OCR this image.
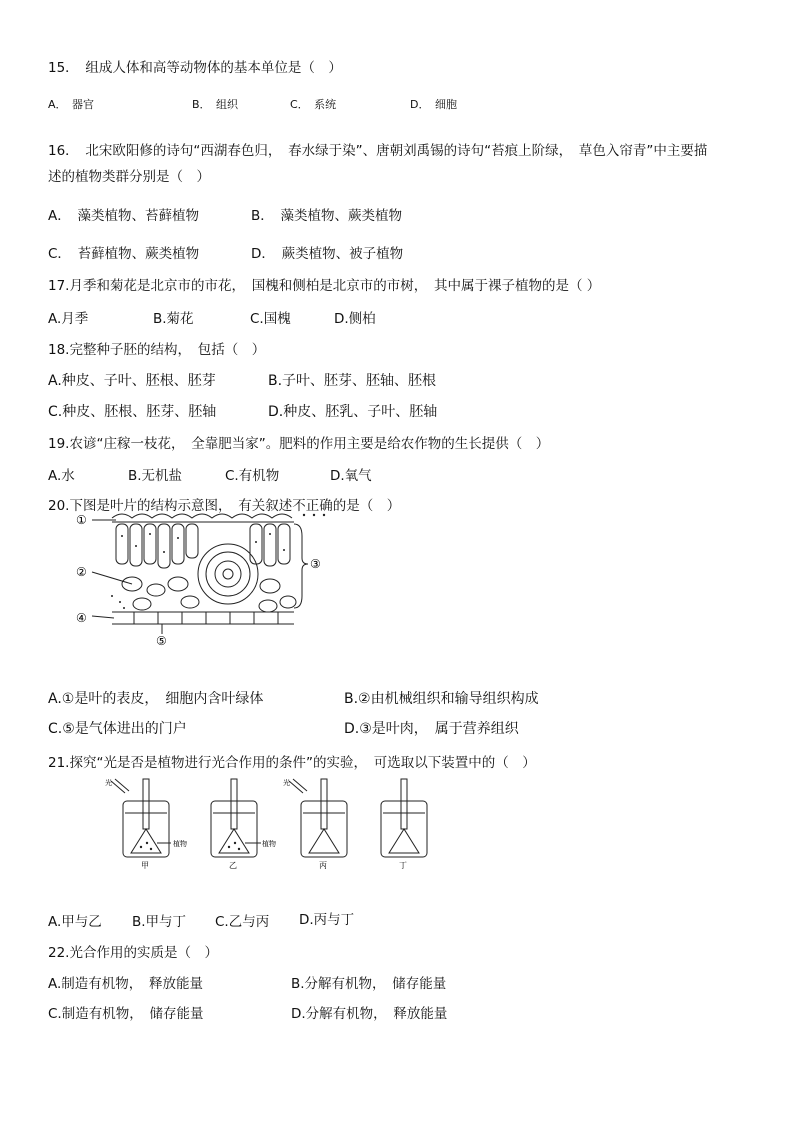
15．　组成人体和高等动物体的基本单位是（　）
A．　器官	B．　组织	C．　系统	D．　细胞
16．　北宋欧阳修的诗句“西湖春色归，　春水绿于染”、唐朝刘禹锡的诗句“苔痕上阶绿，　草色入帘青”中主要描
述的植物类群分别是（　）
A．　藻类植物、苔藓植物	B．　藻类植物、蕨类植物
C．　苔藓植物、蕨类植物	D．　蕨类植物、被子植物
17.月季和菊花是北京市的市花，　国槐和侧柏是北京市的市树，　其中属于裸子植物的是（ ）
A.月季	B.菊花	C.国槐	D.侧柏
18.完整种子胚的结构，　包括（　）
A.种皮、子叶、胚根、胚芽	B.子叶、胚芽、胚轴、胚根
C.种皮、胚根、胚芽、胚轴	D.种皮、胚乳、子叶、胚轴
19.农谚“庄稼一枝花，　全靠肥当家”。肥料的作用主要是给农作物的生长提供（　）
A.水	B.无机盐	C.有机物	D.氧气
20.下图是叶片的结构示意图，　有关叙述不正确的是（　）
①
②
③
④
⑤
A.①是叶的表皮，　细胞内含叶绿体	B.②由机械组织和输导组织构成
C.⑤是气体进出的门户	D.③是叶肉，　属于营养组织
21.探究“光是否是植物进行光合作用的条件”的实验，　可选取以下装置中的（　）
光	光
植物	植物
甲	乙	丙	丁
A.甲与乙 B.甲与丁 C.乙与丙 D.丙与丁
22.光合作用的实质是（　）
A.制造有机物，　释放能量	B.分解有机物，　储存能量
C.制造有机物，　储存能量	D.分解有机物，　释放能量
